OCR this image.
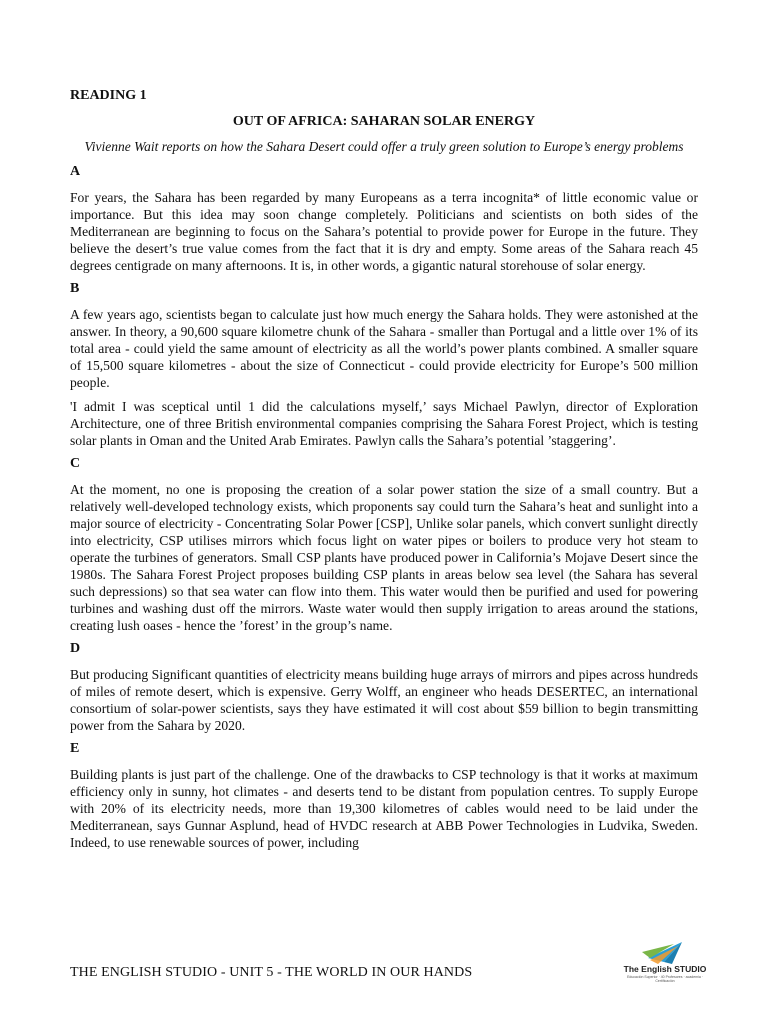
READING 1
OUT OF AFRICA: SAHARAN SOLAR ENERGY
Vivienne Wait reports on how the Sahara Desert could offer a truly green solution to Europe’s energy problems
A

For years, the Sahara has been regarded by many Europeans as a terra incognita* of little economic value or importance. But this idea may soon change completely. Politicians and scientists on both sides of the Mediterranean are beginning to focus on the Sahara’s potential to provide power for Europe in the future. They believe the desert’s true value comes from the fact that it is dry and empty. Some areas of the Sahara reach 45 degrees centigrade on many afternoons. It is, in other words, a gigantic natural storehouse of solar energy.

B

A few years ago, scientists began to calculate just how much energy the Sahara holds. They were astonished at the answer. In theory, a 90,600 square kilometre chunk of the Sahara - smaller than Portugal and a little over 1% of its total area - could yield the same amount of electricity as all the world’s power plants combined. A smaller square of 15,500 square kilometres - about the size of Connecticut - could provide electricity for Europe’s 500 million people.

'I admit I was sceptical until 1 did the calculations myself,’ says Michael Pawlyn, director of Exploration Architecture, one of three British environmental companies comprising the Sahara Forest Project, which is testing solar plants in Oman and the United Arab Emirates. Pawlyn calls the Sahara’s potential ’staggering’.

C

At the moment, no one is proposing the creation of a solar power station the size of a small country. But a relatively well-developed technology exists, which proponents say could turn the Sahara’s heat and sunlight into a major source of electricity - Concentrating Solar Power [CSP], Unlike solar panels, which convert sunlight directly into electricity, CSP utilises mirrors which focus light on water pipes or boilers to produce very hot steam to operate the turbines of generators. Small CSP plants have produced power in California’s Mojave Desert since the 1980s. The Sahara Forest Project proposes building CSP plants in areas below sea level (the Sahara has several such depressions) so that sea water can flow into them. This water would then be purified and used for powering turbines and washing dust off the mirrors. Waste water would then supply irrigation to areas around the stations, creating lush oases - hence the ’forest’ in the group’s name.

D

But producing Significant quantities of electricity means building huge arrays of mirrors and pipes across hundreds of miles of remote desert, which is expensive. Gerry Wolff, an engineer who heads DESERTEC, an international consortium of solar-power scientists, says they have estimated it will cost about $59 billion to begin transmitting power from the Sahara by 2020.

E

Building plants is just part of the challenge. One of the drawbacks to CSP technology is that it works at maximum efficiency only in sunny, hot climates - and deserts tend to be distant from population centres. To supply Europe with 20% of its electricity needs, more than 19,300 kilometres of cables would need to be laid under the Mediterranean, says Gunnar Asplund, head of HVDC research at ABB Power Technologies in Ludvika, Sweden. Indeed, to use renewable sources of power, including

THE ENGLISH STUDIO - UNIT 5 - THE WORLD IN OUR HANDS	The English STUDIO
Educación Superior · 40 Profesores · academia · Certificación
